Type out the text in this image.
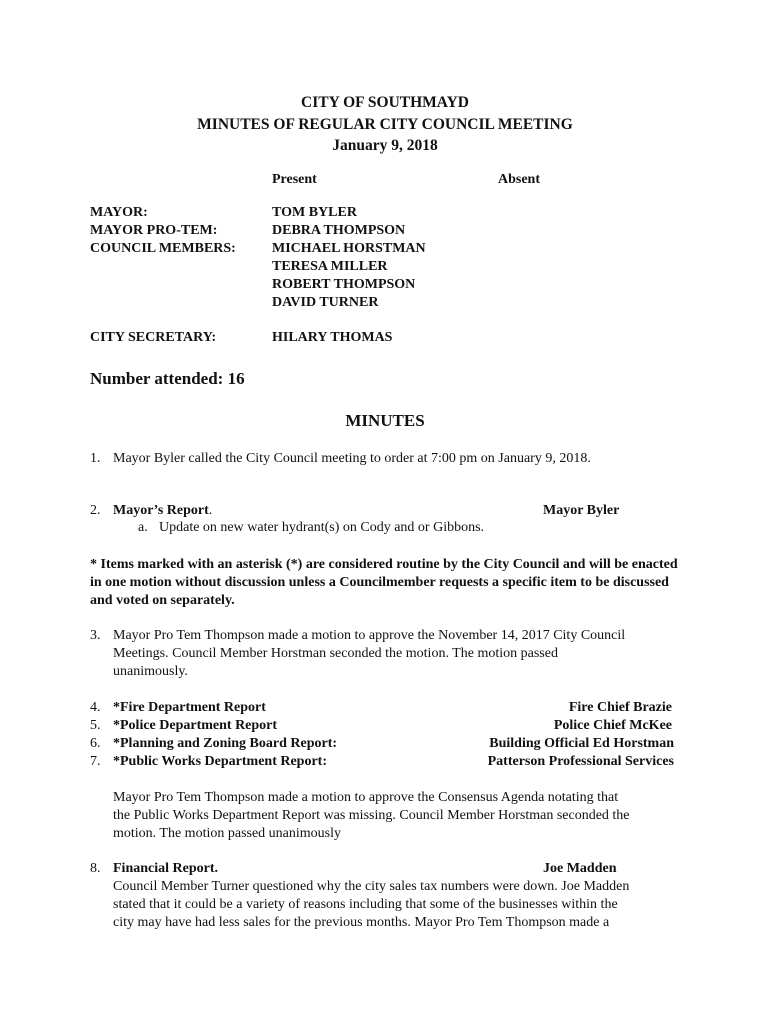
CITY OF SOUTHMAYD
MINUTES OF REGULAR CITY COUNCIL MEETING
January 9, 2018
Present	Absent
MAYOR:	TOM BYLER
MAYOR PRO-TEM:	DEBRA THOMPSON
COUNCIL MEMBERS:	MICHAEL HORSTMAN
TERESA MILLER
ROBERT THOMPSON
DAVID TURNER
CITY SECRETARY:	HILARY THOMAS
Number attended: 16
MINUTES
1. Mayor Byler called the City Council meeting to order at 7:00 pm on January 9, 2018.
2. Mayor’s Report.	Mayor Byler
a. Update on new water hydrant(s) on Cody and or Gibbons.
* Items marked with an asterisk (*) are considered routine by the City Council and will be enacted in one motion without discussion unless a Councilmember requests a specific item to be discussed and voted on separately.
3. Mayor Pro Tem Thompson made a motion to approve the November 14, 2017 City Council
Meetings. Council Member Horstman seconded the motion. The motion passed
unanimously.
4. *Fire Department Report	Fire Chief Brazie
5. *Police Department Report	Police Chief McKee
6. *Planning and Zoning Board Report:	Building Official Ed Horstman
7. *Public Works Department Report:	Patterson Professional Services
Mayor Pro Tem Thompson made a motion to approve the Consensus Agenda notating that
the Public Works Department Report was missing. Council Member Horstman seconded the
motion. The motion passed unanimously
8. Financial Report.	Joe Madden
Council Member Turner questioned why the city sales tax numbers were down. Joe Madden
stated that it could be a variety of reasons including that some of the businesses within the
city may have had less sales for the previous months. Mayor Pro Tem Thompson made a
